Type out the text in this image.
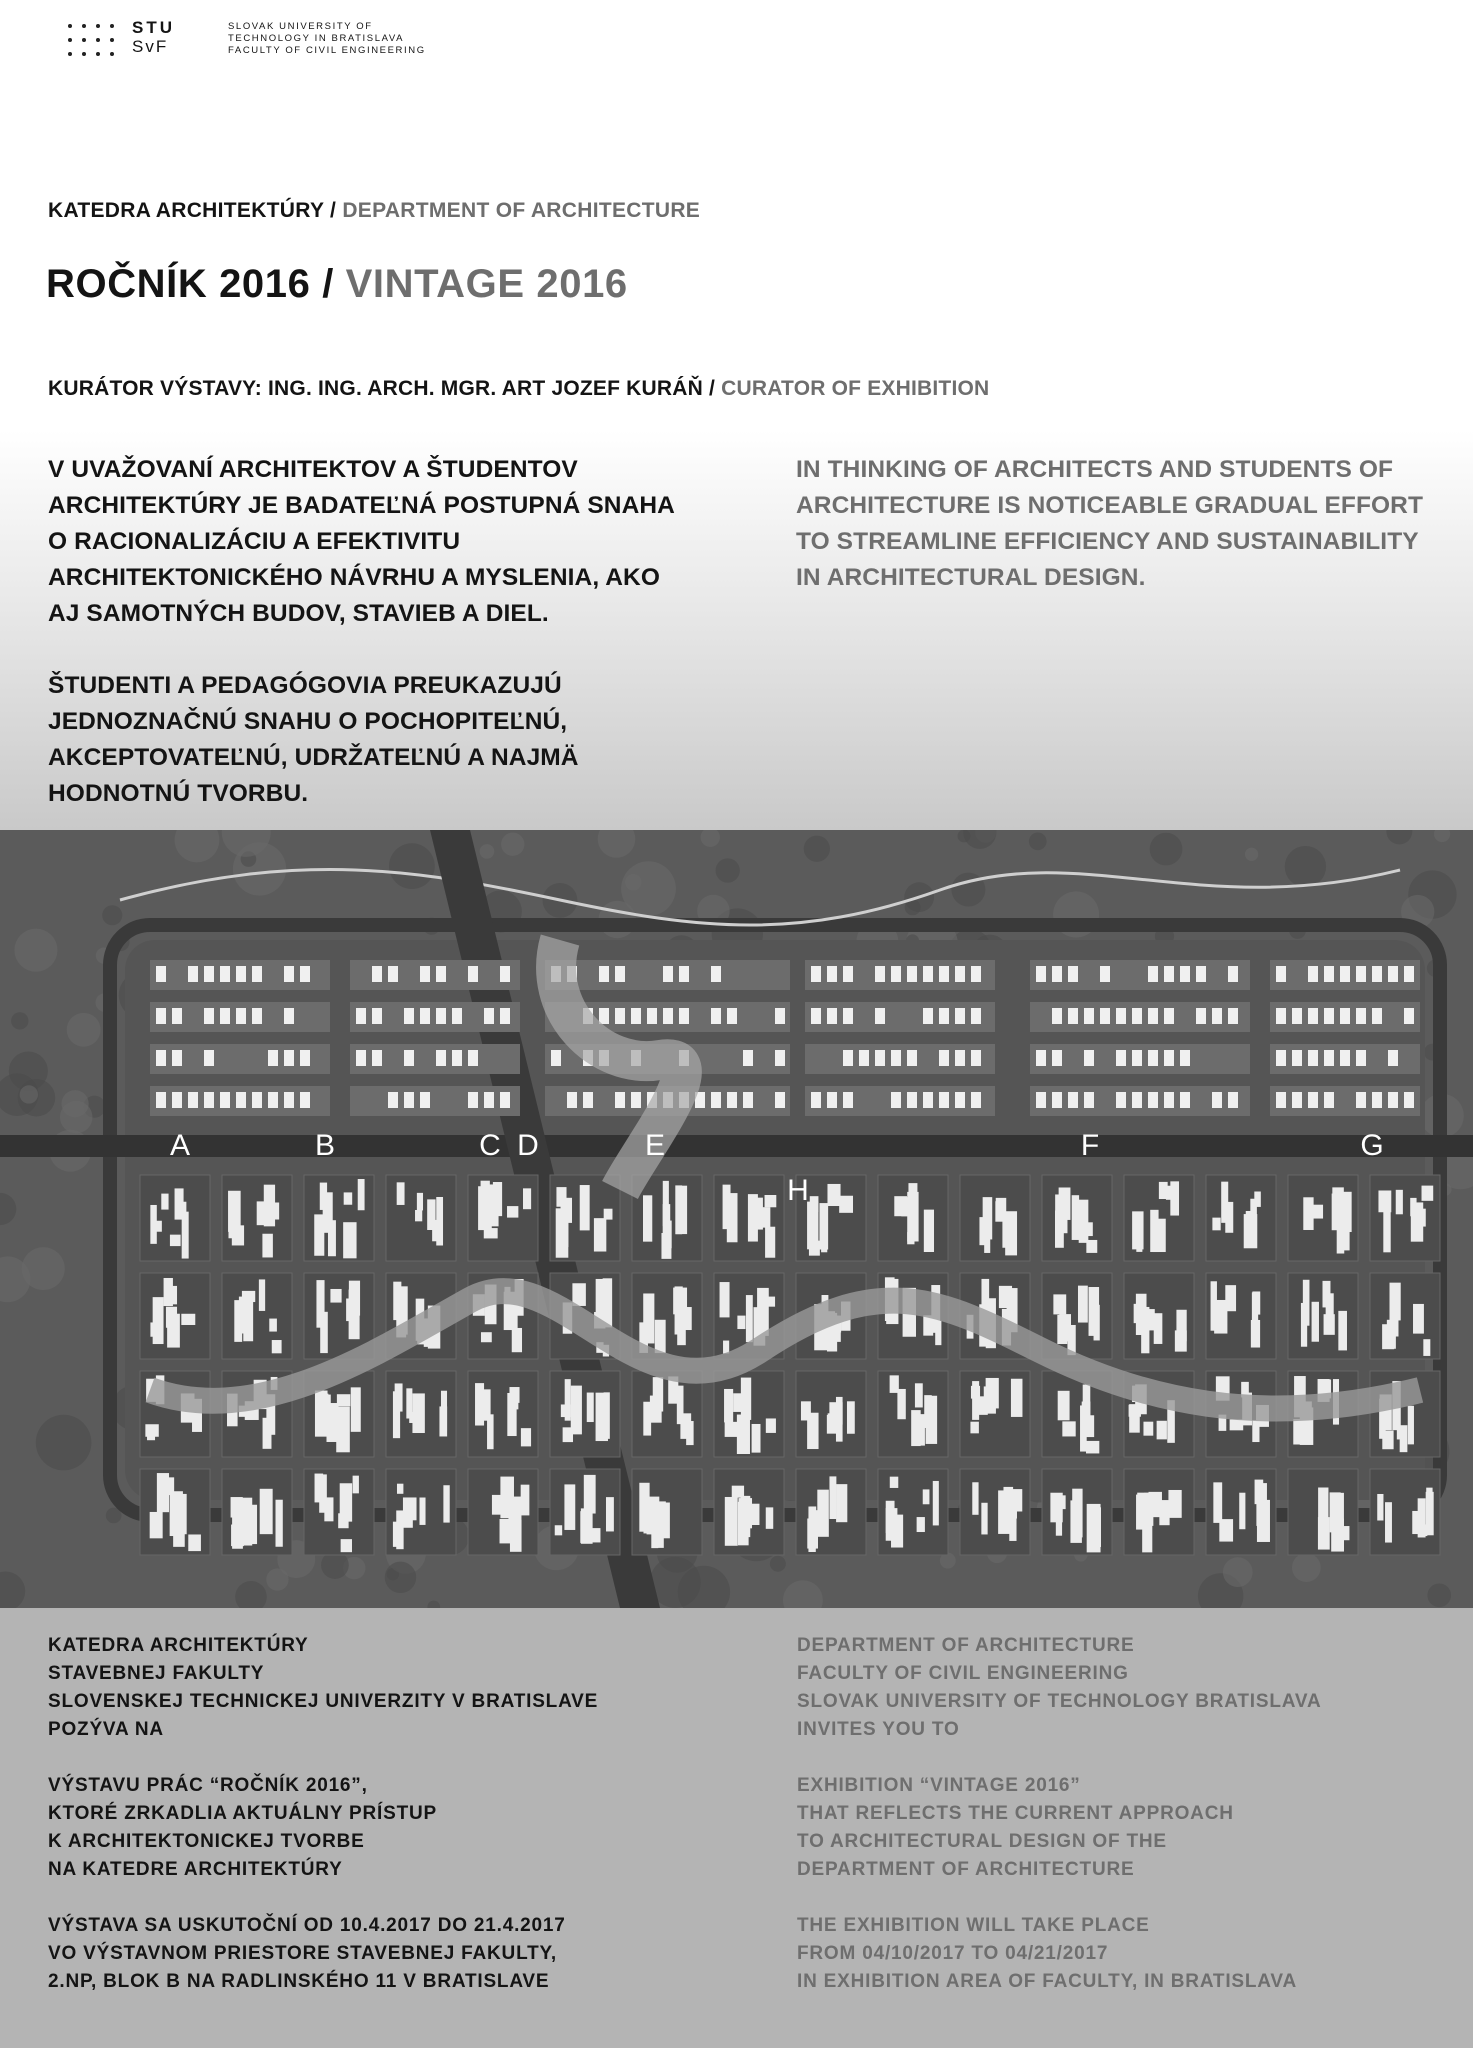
STU
SvF
SLOVAK UNIVERSITY OF
TECHNOLOGY IN BRATISLAVA
FACULTY OF CIVIL ENGINEERING
KATEDRA ARCHITEKTÚRY / DEPARTMENT OF ARCHITECTURE
ROČNÍK 2016 / VINTAGE 2016
KURÁTOR VÝSTAVY: ING. ING. ARCH. MGR. ART JOZEF KURÁŇ / CURATOR OF EXHIBITION

V UVAŽOVANÍ ARCHITEKTOV A ŠTUDENTOV

ARCHITEKTÚRY JE BADATEĽNÁ POSTUPNÁ SNAHA

O RACIONALIZÁCIU A EFEKTIVITU

ARCHITEKTONICKÉHO NÁVRHU A MYSLENIA, AKO

AJ SAMOTNÝCH BUDOV, STAVIEB A DIEL.

ŠTUDENTI A PEDAGÓGOVIA PREUKAZUJÚ

JEDNOZNAČNÚ SNAHU O POCHOPITEĽNÚ,

AKCEPTOVATEĽNÚ, UDRŽATEĽNÚ A NAJMÄ

HODNOTNÚ TVORBU.

IN THINKING OF ARCHITECTS AND STUDENTS OF

ARCHITECTURE IS NOTICEABLE GRADUAL EFFORT

TO STREAMLINE EFFICIENCY AND SUSTAINABILITY

IN ARCHITECTURAL DESIGN.

A	B	C D	E	F	G
H

KATEDRA ARCHITEKTÚRY

STAVEBNEJ FAKULTY

SLOVENSKEJ TECHNICKEJ UNIVERZITY V BRATISLAVE

POZÝVA NA

VÝSTAVU PRÁC “ROČNÍK 2016”,

KTORÉ ZRKADLIA AKTUÁLNY PRÍSTUP

K ARCHITEKTONICKEJ TVORBE

NA KATEDRE ARCHITEKTÚRY

VÝSTAVA SA USKUTOČNÍ OD 10.4.2017 DO 21.4.2017

VO VÝSTAVNOM PRIESTORE STAVEBNEJ FAKULTY,

2.NP, BLOK B NA RADLINSKÉHO 11 V BRATISLAVE

DEPARTMENT OF ARCHITECTURE

FACULTY OF CIVIL ENGINEERING

SLOVAK UNIVERSITY OF TECHNOLOGY BRATISLAVA

INVITES YOU TO

EXHIBITION “VINTAGE 2016”

THAT REFLECTS THE CURRENT APPROACH

TO ARCHITECTURAL DESIGN OF THE

DEPARTMENT OF ARCHITECTURE

THE EXHIBITION WILL TAKE PLACE

FROM 04/10/2017 TO 04/21/2017

IN EXHIBITION AREA OF FACULTY, IN BRATISLAVA
